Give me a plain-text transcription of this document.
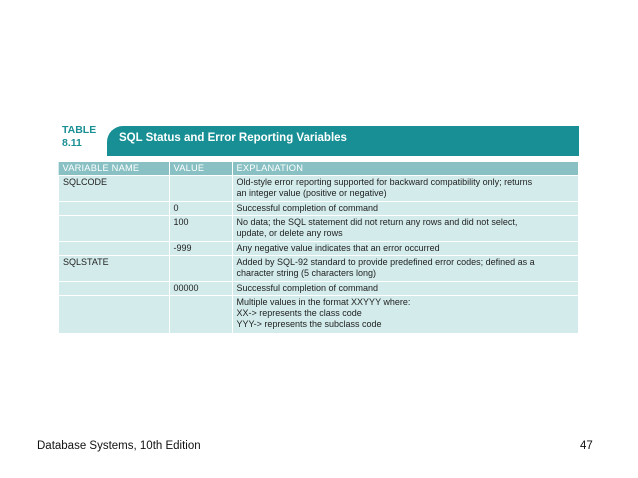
TABLE
8.11	SQL Status and Error Reporting Variables
VARIABLE NAME	VALUE	EXPLANATION
SQLCODE		Old-style error reporting supported for backward compatibility only; returns
an integer value (positive or negative)

	0	Successful completion of command

	100	No data; the SQL statement did not return any rows and did not select,
update, or delete any rows

	-999	Any negative value indicates that an error occurred

SQLSTATE		Added by SQL-92 standard to provide predefined error codes; defined as a
character string (5 characters long)

	00000	Successful completion of command

		Multiple values in the format XXYYY where:
XX-> represents the class code
YYY-> represents the subclass code
Database Systems, 10th Edition	47
